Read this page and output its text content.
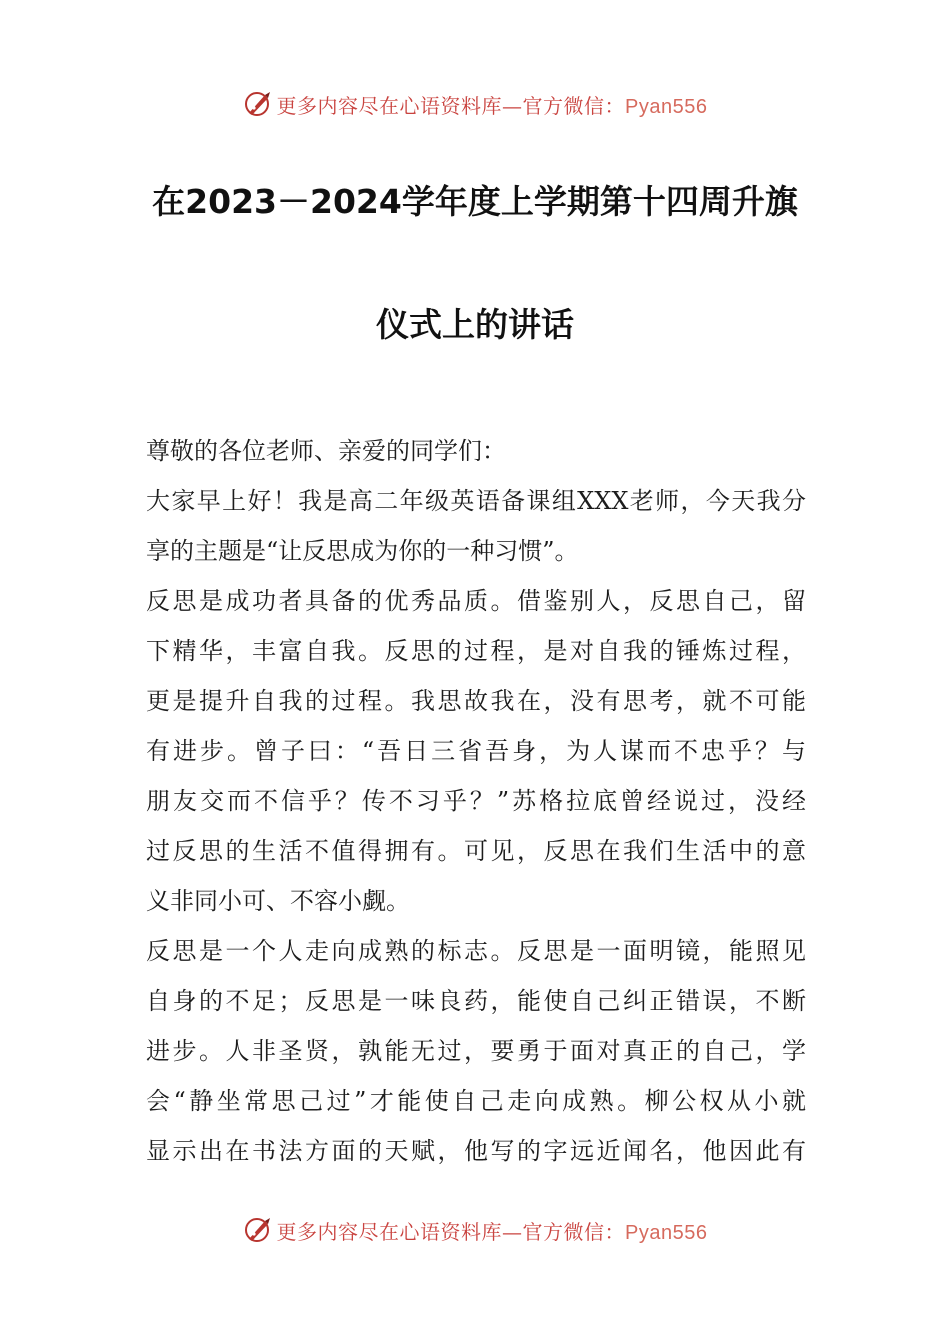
更多内容尽在心语资料库—官方微信：Pyan556
在2023－2024学年度上学期第十四周升旗
仪式上的讲话
尊敬的各位老师、亲爱的同学们：
大家早上好！我是高二年级英语备课组XXX老师，今天我分
享的主题是“让反思成为你的一种习惯”。
反思是成功者具备的优秀品质。借鉴别人，反思自己，留
下精华，丰富自我。反思的过程，是对自我的锤炼过程，
更是提升自我的过程。我思故我在，没有思考，就不可能
有进步。曾子曰：“吾日三省吾身，为人谋而不忠乎？与
朋友交而不信乎？传不习乎？”苏格拉底曾经说过，没经
过反思的生活不值得拥有。可见，反思在我们生活中的意
义非同小可、不容小觑。
反思是一个人走向成熟的标志。反思是一面明镜，能照见
自身的不足；反思是一味良药，能使自己纠正错误，不断
进步。人非圣贤，孰能无过，要勇于面对真正的自己，学
会“静坐常思己过”才能使自己走向成熟。柳公权从小就
显示出在书法方面的天赋，他写的字远近闻名，他因此有
更多内容尽在心语资料库—官方微信：Pyan556
